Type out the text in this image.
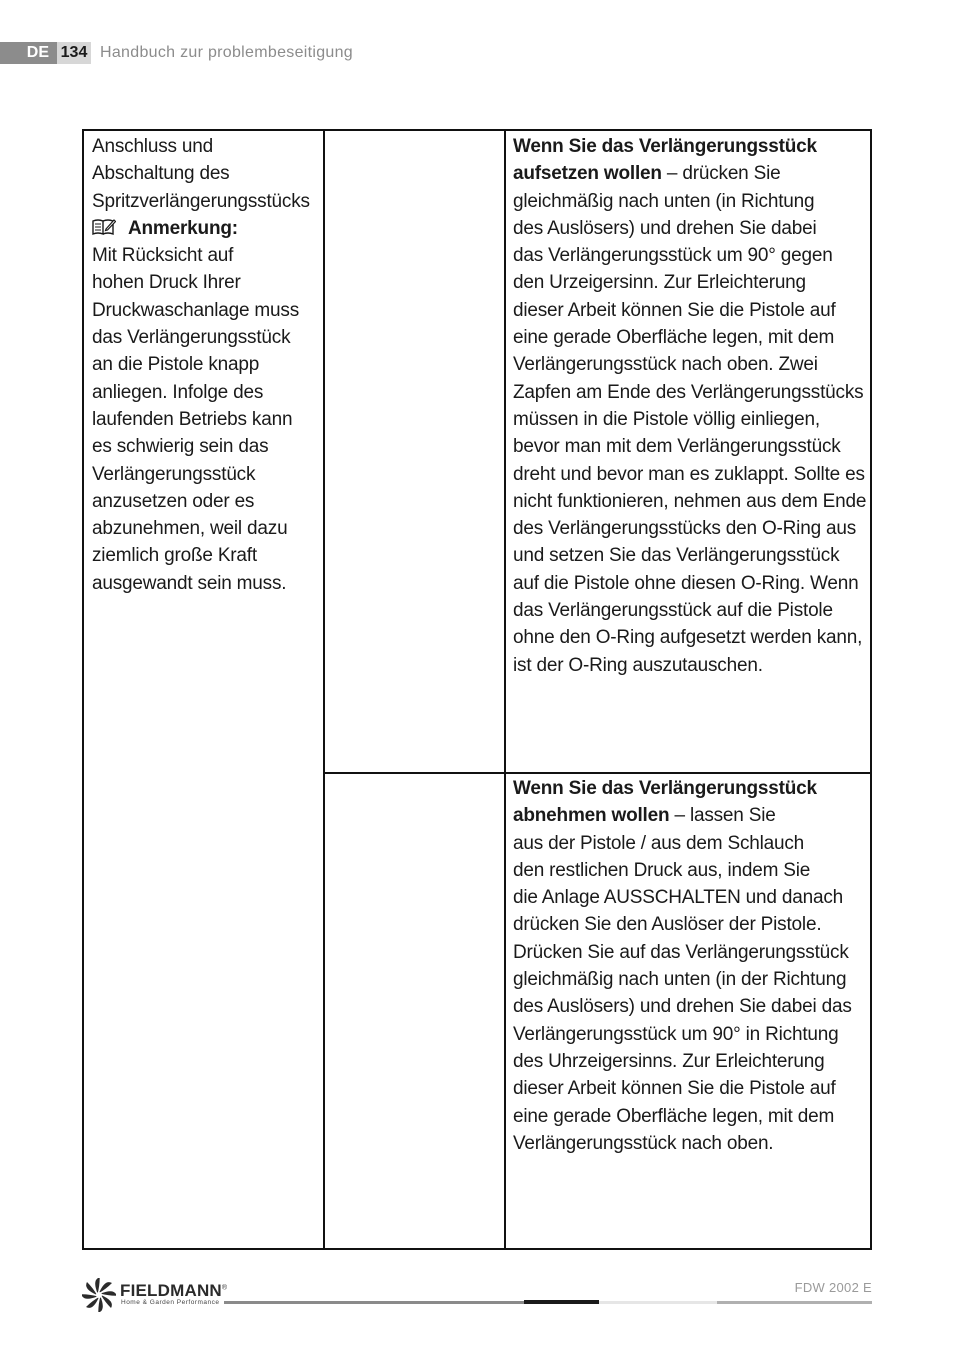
DE 134 Handbuch zur problembeseitigung
Anschluss und
Abschaltung des
Spritzverlängerungsstücks
Anmerkung:
Mit Rücksicht auf
hohen Druck Ihrer
Druckwaschanlage muss
das Verlängerungsstück
an die Pistole knapp
anliegen. Infolge des
laufenden Betriebs kann
es schwierig sein das
Verlängerungsstück
anzusetzen oder es
abzunehmen, weil dazu
ziemlich große Kraft
ausgewandt sein muss.
Wenn Sie das Verlängerungsstück
aufsetzen wollen – drücken Sie
gleichmäßig nach unten (in Richtung
des Auslösers) und drehen Sie dabei
das Verlängerungsstück um 90° gegen
den Urzeigersinn. Zur Erleichterung
dieser Arbeit können Sie die Pistole auf
eine gerade Oberfläche legen, mit dem
Verlängerungsstück nach oben. Zwei
Zapfen am Ende des Verlängerungsstücks
müssen in die Pistole völlig einliegen,
bevor man mit dem Verlängerungsstück
dreht und bevor man es zuklappt. Sollte es
nicht funktionieren, nehmen aus dem Ende
des Verlängerungsstücks den O-Ring aus
und setzen Sie das Verlängerungsstück
auf die Pistole ohne diesen O-Ring. Wenn
das Verlängerungsstück auf die Pistole
ohne den O-Ring aufgesetzt werden kann,
ist der O-Ring auszutauschen.
Wenn Sie das Verlängerungsstück
abnehmen wollen – lassen Sie
aus der Pistole / aus dem Schlauch
den restlichen Druck aus, indem Sie
die Anlage AUSSCHALTEN und danach
drücken Sie den Auslöser der Pistole.
Drücken Sie auf das Verlängerungsstück
gleichmäßig nach unten (in der Richtung
des Auslösers) und drehen Sie dabei das
Verlängerungsstück um 90° in Richtung
des Uhrzeigersinns. Zur Erleichterung
dieser Arbeit können Sie die Pistole auf
eine gerade Oberfläche legen, mit dem
Verlängerungsstück nach oben.
FIELDMANN®
Home & Garden Performance
FDW 2002 E
